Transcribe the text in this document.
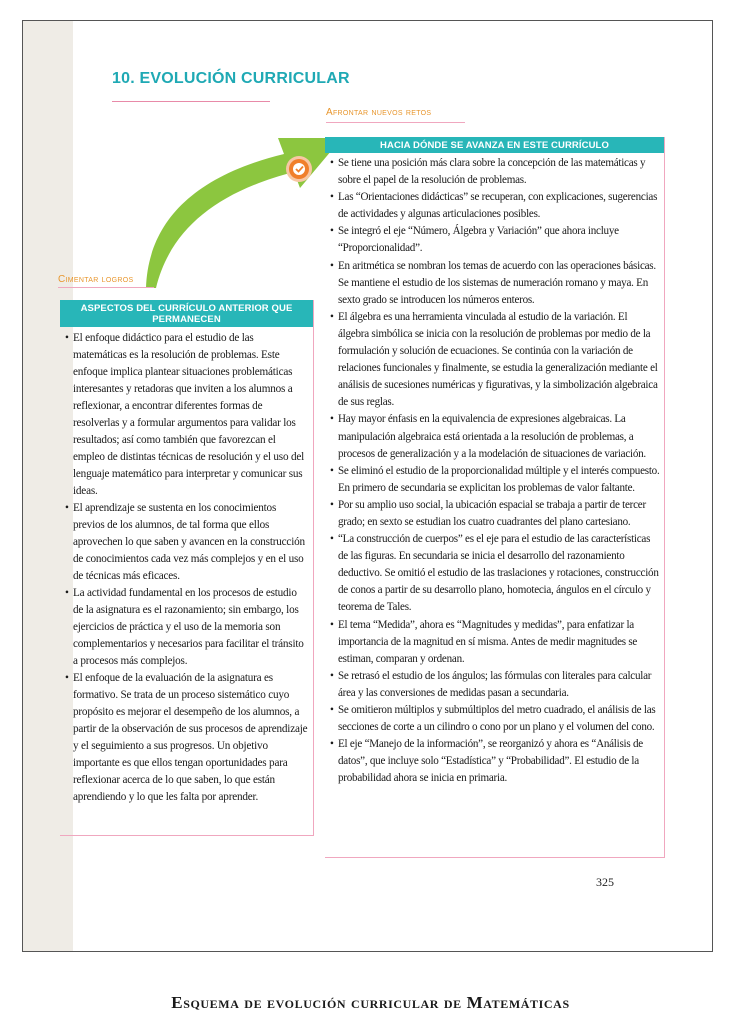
10. EVOLUCIÓN CURRICULAR
Afrontar nuevos retos
Cimentar logros
ASPECTOS DEL CURRÍCULO ANTERIOR QUE PERMANECEN
• El enfoque didáctico para el estudio de las matemáticas es la resolución de problemas. Este enfoque implica plantear situaciones problemáticas interesantes y retadoras que inviten a los alumnos a reflexionar, a encontrar diferentes formas de resolverlas y a formular argumentos para validar los resultados; así como también que favorezcan el empleo de distintas técnicas de resolución y el uso del lenguaje matemático para interpretar y comunicar sus ideas.
• El aprendizaje se sustenta en los conocimientos previos de los alumnos, de tal forma que ellos aprovechen lo que saben y avancen en la construcción de conocimientos cada vez más complejos y en el uso de técnicas más eficaces.
• La actividad fundamental en los procesos de estudio de la asignatura es el razonamiento; sin embargo, los ejercicios de práctica y el uso de la memoria son complementarios y necesarios para facilitar el tránsito a procesos más complejos.
• El enfoque de la evaluación de la asignatura es formativo. Se trata de un proceso sistemático cuyo propósito es mejorar el desempeño de los alumnos, a partir de la observación de sus procesos de aprendizaje y el seguimiento a sus progresos. Un objetivo importante es que ellos tengan oportunidades para reflexionar acerca de lo que saben, lo que están aprendiendo y lo que les falta por aprender.
HACIA DÓNDE SE AVANZA EN ESTE CURRÍCULO
• Se tiene una posición más clara sobre la concepción de las matemáticas y sobre el papel de la resolución de problemas.
• Las “Orientaciones didácticas” se recuperan, con explicaciones, sugerencias de actividades y algunas articulaciones posibles.
• Se integró el eje “Número, Álgebra y Variación” que ahora incluye “Proporcionalidad”.
• En aritmética se nombran los temas de acuerdo con las operaciones básicas. Se mantiene el estudio de los sistemas de numeración romano y maya. En sexto grado se introducen los números enteros.
• El álgebra es una herramienta vinculada al estudio de la variación. El álgebra simbólica se inicia con la resolución de problemas por medio de la formulación y solución de ecuaciones. Se continúa con la variación de relaciones funcionales y finalmente, se estudia la generalización mediante el análisis de sucesiones numéricas y figurativas, y la simbolización algebraica de sus reglas.
• Hay mayor énfasis en la equivalencia de expresiones algebraicas. La manipulación algebraica está orientada a la resolución de problemas, a procesos de generalización y a la modelación de situaciones de variación.
• Se eliminó el estudio de la proporcionalidad múltiple y el interés compuesto. En primero de secundaria se explicitan los problemas de valor faltante.
• Por su amplio uso social, la ubicación espacial se trabaja a partir de tercer grado; en sexto se estudian los cuatro cuadrantes del plano cartesiano.
• “La construcción de cuerpos” es el eje para el estudio de las características de las figuras. En secundaria se inicia el desarrollo del razonamiento deductivo. Se omitió el estudio de las traslaciones y rotaciones, construcción de conos a partir de su desarrollo plano, homotecia, ángulos en el círculo y teorema de Tales.
• El tema “Medida”, ahora es “Magnitudes y medidas”, para enfatizar la importancia de la magnitud en sí misma. Antes de medir magnitudes se estiman, comparan y ordenan.
• Se retrasó el estudio de los ángulos; las fórmulas con literales para calcular área y las conversiones de medidas pasan a secundaria.
• Se omitieron múltiplos y submúltiplos del metro cuadrado, el análisis de las secciones de corte a un cilindro o cono por un plano y el volumen del cono.
• El eje “Manejo de la información”, se reorganizó y ahora es “Análisis de datos”, que incluye solo “Estadística” y “Probabilidad”. El estudio de la probabilidad ahora se inicia en primaria.
325
Esquema de evolución curricular de Matemáticas
